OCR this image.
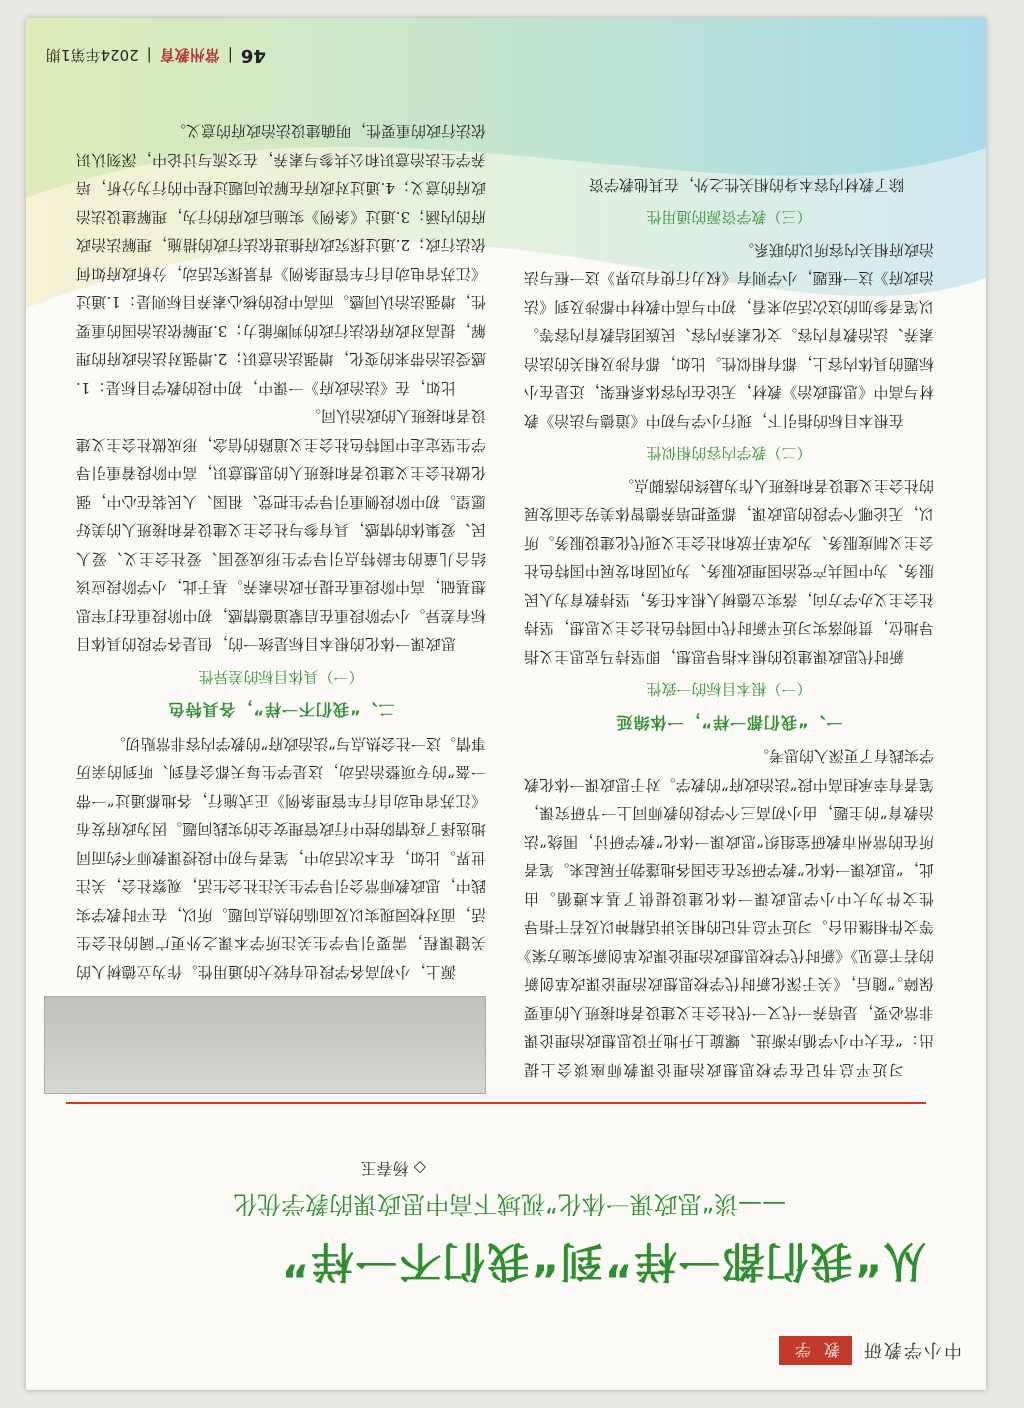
中小学教研
教 学
从“我们都一样”到“我们不一样”
——谈“思政课一体化”视域下高中思政课的教学优化
◇ 杨春玉

习近平总书记在学校思想政治理论课教师座谈会上提出：“在大中小学循序渐进、螺旋上升地开设思想政治理论课非常必要，是培养一代又一代社会主义建设者和接班人的重要保障。”随后，《关于深化新时代学校思想政治理论课改革创新的若干意见》《新时代学校思想政治理论课改革创新实施方案》等文件相继出台。习近平总书记的相关讲话精神以及若干指导性文件为大中小学思政课一体化建设提供了基本遵循。由此，“思政课一体化”教学研究在全国各地蓬勃开展起来。笔者所在的常州市教研室组织“思政课一体化”教学研讨，围绕“法治教育”的主题，由小初高三个学段的教师同上一节研究课，笔者有幸承担高中段“法治政府”的教学。对于思政课一体化教学实践有了更深入的思考。

一、“我们都一样”，一体绵延
（一）根本目标的一致性

新时代思政课建设的根本指导思想，即坚持马克思主义指导地位，贯彻落实习近平新时代中国特色社会主义思想，坚持社会主义办学方向，落实立德树人根本任务，坚持教育为人民服务、为中国共产党治国理政服务、为巩固和发展中国特色社会主义制度服务、为改革开放和社会主义现代化建设服务。所以，无论哪个学段的思政课，都要把培养德智体美劳全面发展的社会主义建设者和接班人作为最终的落脚点。

（二）教学内容的相似性

在根本目标的指引下，现行小学与初中《道德与法治》教材与高中《思想政治》教材，无论在内容体系框架，还是在小标题的具体内容上，都有相似性。比如，都有涉及相关的法治素养、法治教育内容。文化素养内容、民族团结教育内容等。以笔者参加的这次活动来看，初中与高中教材中都涉及到《法治政府》这一框题，小学则有《权力行使有边界》这一框与法治政府相关内容所以的联系。

（三）教学资源的通用性

除了教材内容本身的相关性之外，在其他教学资

源上，小初高各学段也有较大的通用性。作为立德树人的关键课程，需要引导学生关注所学本课之外更广阔的社会生活，面对校园现实以及面临的热点问题。所以，在平时教学实践中，思政教师常会引导学生关注社会生活，观察社会，关注世界。比如，在本次活动中，笔者与初中段授课教师不约而同地选择了疫情防控中行政管理安全的实践问题。因为政府发布《江苏省电动自行车管理条例》正式施行，各地都通过“一带一盔”的专项整治活动，这是学生每天都会看到、听到的亲历事情。这一社会热点与“法治政府”的教学内容非常贴切。

二、“我们不一样”，各具特色
（一）具体目标的差异性

思政课一体化的根本目标是统一的，但是各学段的具体目标有差异。小学阶段重在启蒙道德情感，初中阶段重在打牢思想基础，高中阶段重在提升政治素养。基于此，小学阶段应该结合儿童的年龄特点引导学生形成爱国、爱社会主义、爱人民、爱集体的情感，具有参与社会主义建设者和接班人的美好愿望。初中阶段侧重引导学生把党、祖国、人民装在心中，强化做社会主义建设者和接班人的思想意识，高中阶段着重引导学生坚定走中国特色社会主义道路的信念，形成做社会主义建设者和接班人的政治认同。

比如，在《法治政府》一课中，初中段的教学目标是：1.感受法治带来的变化，增强法治意识；2.增强对法治政府的理解，提高对政府依法行政的判断能力；3.理解依法治国的重要性，增强法治认同感。而高中段的核心素养目标则是：1.通过《江苏省电动自行车管理条例》背景探究活动，分析政府如何依法行政；2.通过探究政府推进依法行政的措施，理解法治政府的内涵；3.通过《条例》实施后政府的行为，理解建设法治政府的意义；4.通过对政府在解决问题过程中的行为分析，培养学生法治意识和公共参与素养，在交流与讨论中，深刻认识依法行政的重要性，明确建设法治政府的意义。

46
|
常州教育
|
2024年第1期
